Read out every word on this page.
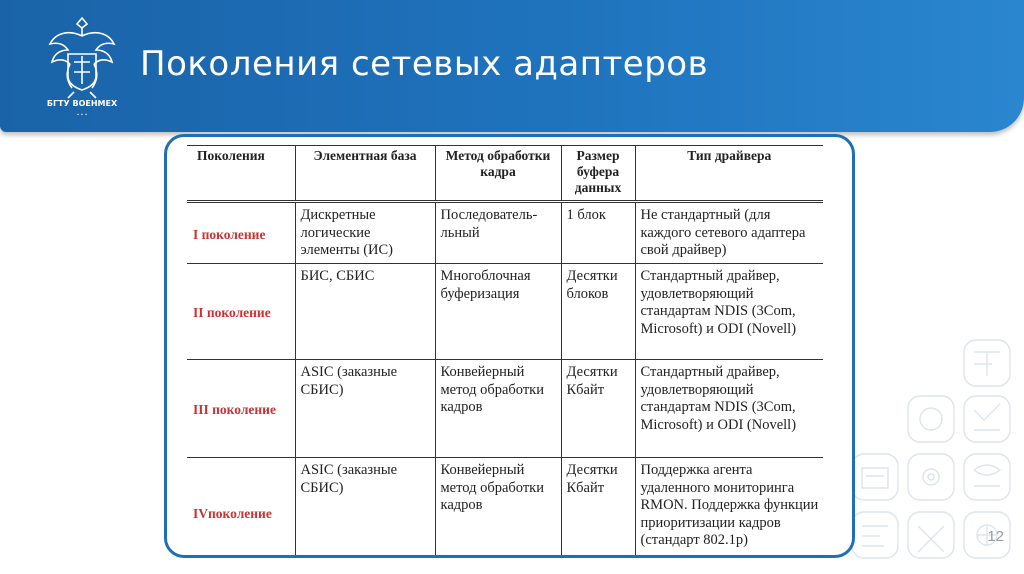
БГТУ ВОЕНМЕХ
• • •
Поколения сетевых адаптеров
Поколения	Элементная база	Метод обработки кадра	Размер буфера данных	Тип драйвера
I поколение	Дискретные логические элементы (ИС)	Последователь-льный	1 блок	Не стандартный (для каждого сетевого адаптера свой драйвер)
II поколение	БИС, СБИС	Многоблочная буферизация	Десятки блоков	Стандартный драйвер, удовлетворяющий стандартам NDIS (3Com, Microsoft) и ODI (Novell)
III поколение	ASIC (заказные СБИС)	Конвейерный метод обработки кадров	Десятки Кбайт	Стандартный драйвер, удовлетворяющий стандартам NDIS (3Com, Microsoft) и ODI (Novell)
IVпоколение	ASIC (заказные СБИС)	Конвейерный метод обработки кадров	Десятки Кбайт	Поддержка агента удаленного мониторинга RMON. Поддержка функции приоритизации кадров (стандарт 802.1p)	12
